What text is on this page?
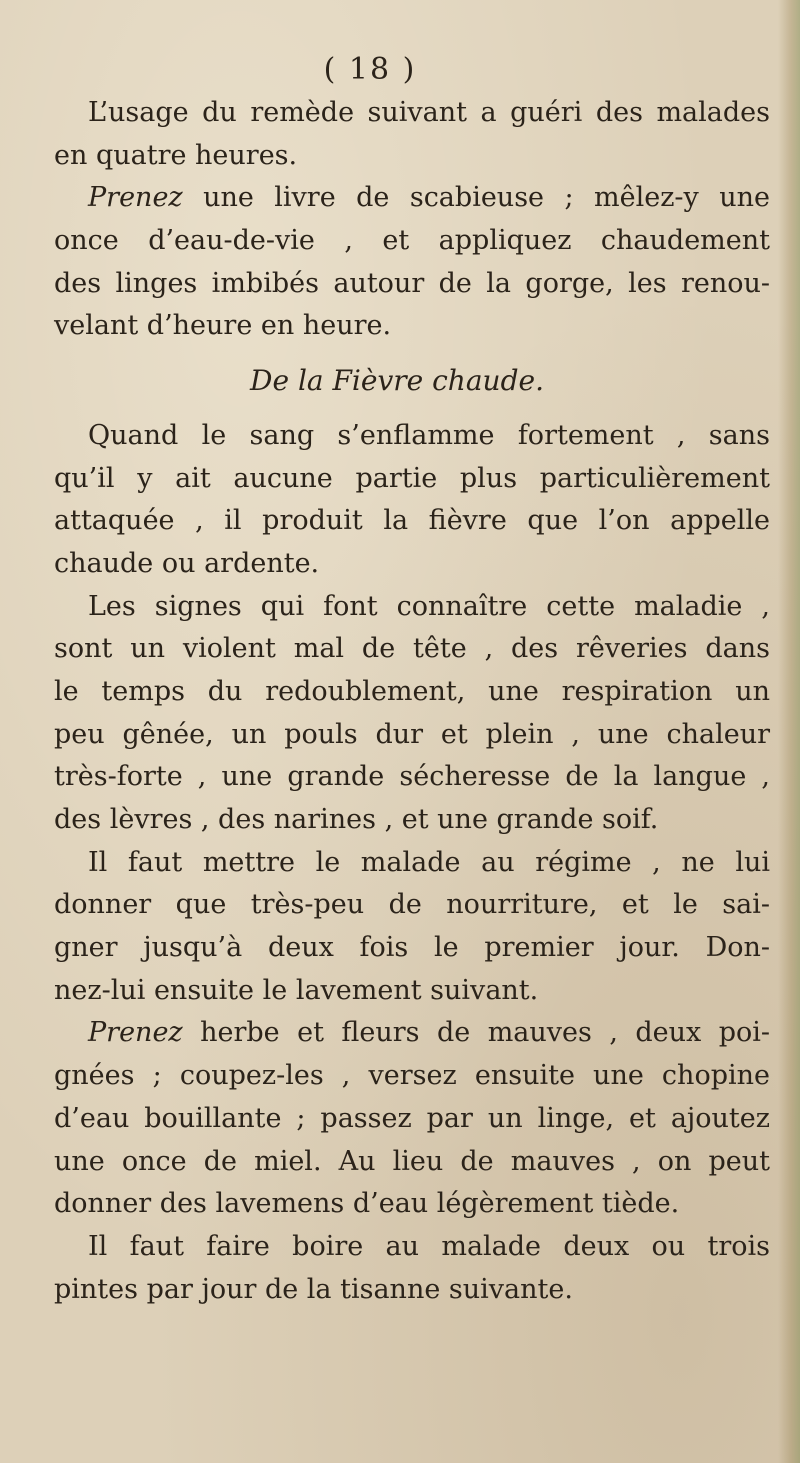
( 18 )
L’usage du remède suivant a guéri des malades
en quatre heures.
Prenez une livre de scabieuse ; mêlez-y une
once d’eau-de-vie , et appliquez chaudement
des linges imbibés autour de la gorge, les renou-
velant d’heure en heure.
De la Fièvre chaude.
Quand le sang s’enflamme fortement , sans
qu’il y ait aucune partie plus particulièrement
attaquée , il produit la fièvre que l’on appelle
chaude ou ardente.
Les signes qui font connaître cette maladie ,
sont un violent mal de tête , des rêveries dans
le temps du redoublement, une respiration un
peu gênée, un pouls dur et plein , une chaleur
très-forte , une grande sécheresse de la langue ,
des lèvres , des narines , et une grande soif.
Il faut mettre le malade au régime , ne lui
donner que très-peu de nourriture, et le sai-
gner jusqu’à deux fois le premier jour. Don-
nez-lui ensuite le lavement suivant.
Prenez herbe et fleurs de mauves , deux poi-
gnées ; coupez-les , versez ensuite une chopine
d’eau bouillante ; passez par un linge, et ajoutez
une once de miel. Au lieu de mauves , on peut
donner des lavemens d’eau légèrement tiède.
Il faut faire boire au malade deux ou trois
pintes par jour de la tisanne suivante.
